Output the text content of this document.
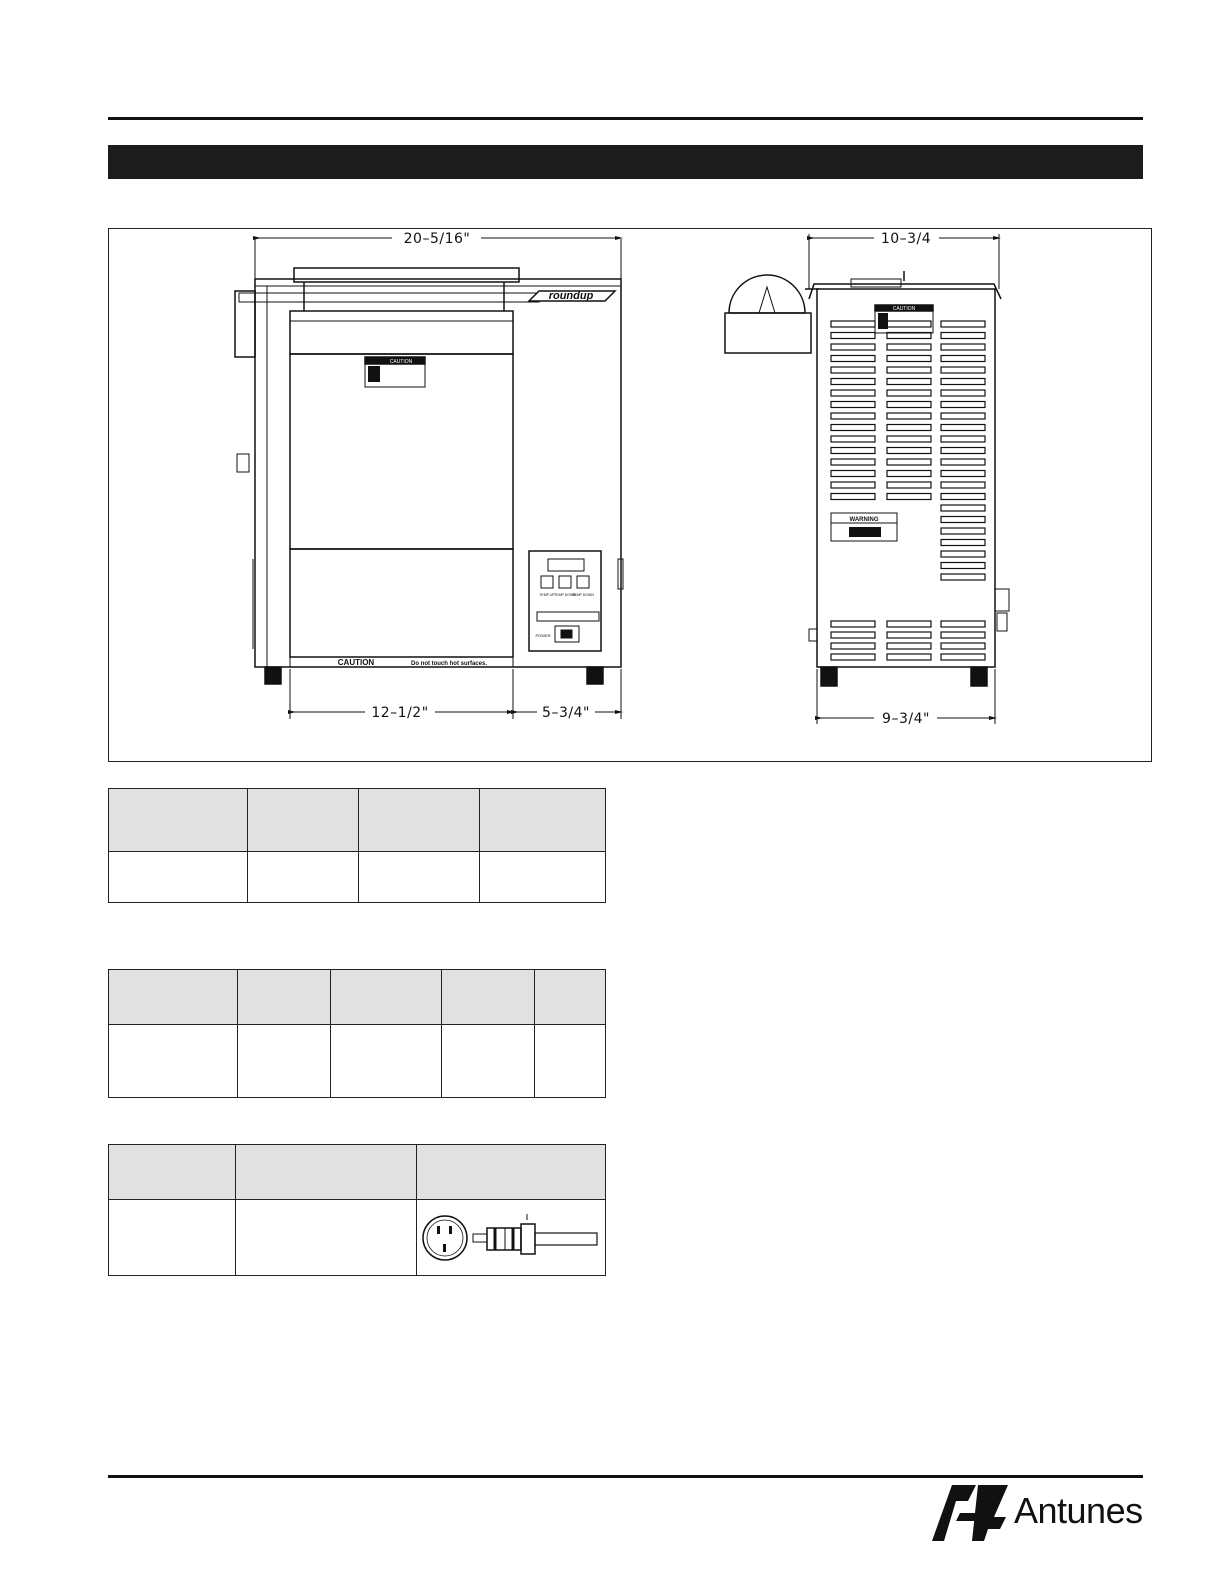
20–5/16"
12–1/2"	5–3/4"
roundup
CAUTION
CAUTION	Do not touch hot surfaces.
TEMP UP TEMP DOWN
TEMP DOWN
POWER
10–3/4
9–3/4"
CAUTION
WARNING

Antunes
